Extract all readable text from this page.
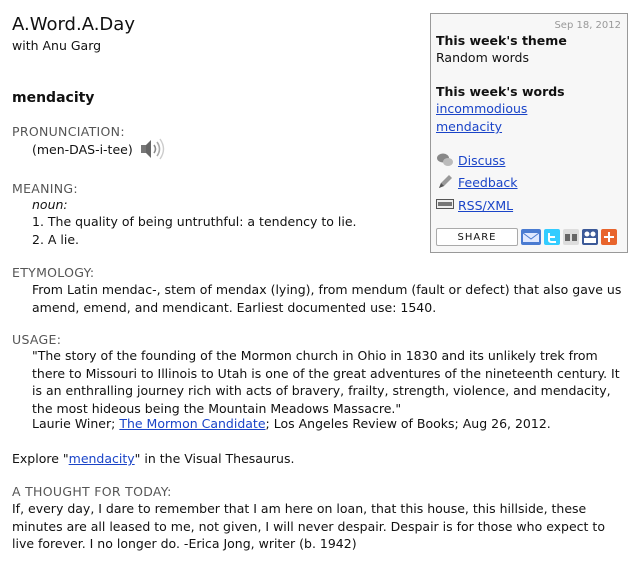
A.Word.A.Day
with Anu Garg
mendacity
PRONUNCIATION:
(men-DAS-i-tee)
MEANING:
noun:
1. The quality of being untruthful: a tendency to lie.
2. A lie.
ETYMOLOGY:
From Latin mendac-, stem of mendax (lying), from mendum (fault or defect) that also gave us amend, emend, and mendicant. Earliest documented use: 1540.
USAGE:
"The story of the founding of the Mormon church in Ohio in 1830 and its unlikely trek from there to Missouri to Illinois to Utah is one of the great adventures of the nineteenth century. It is an enthralling journey rich with acts of bravery, frailty, strength, violence, and mendacity, the most hideous being the Mountain Meadows Massacre."
Laurie Winer; The Mormon Candidate; Los Angeles Review of Books; Aug 26, 2012.
Explore "mendacity" in the Visual Thesaurus.
A THOUGHT FOR TODAY:
If, every day, I dare to remember that I am here on loan, that this house, this hillside, these minutes are all leased to me, not given, I will never despair. Despair is for those who expect to live forever. I no longer do. -Erica Jong, writer (b. 1942)
Sep 18, 2012
This week's theme
Random words
This week's words
incommodious
mendacity
Discuss
Feedback
RSS/XML
SHARE
